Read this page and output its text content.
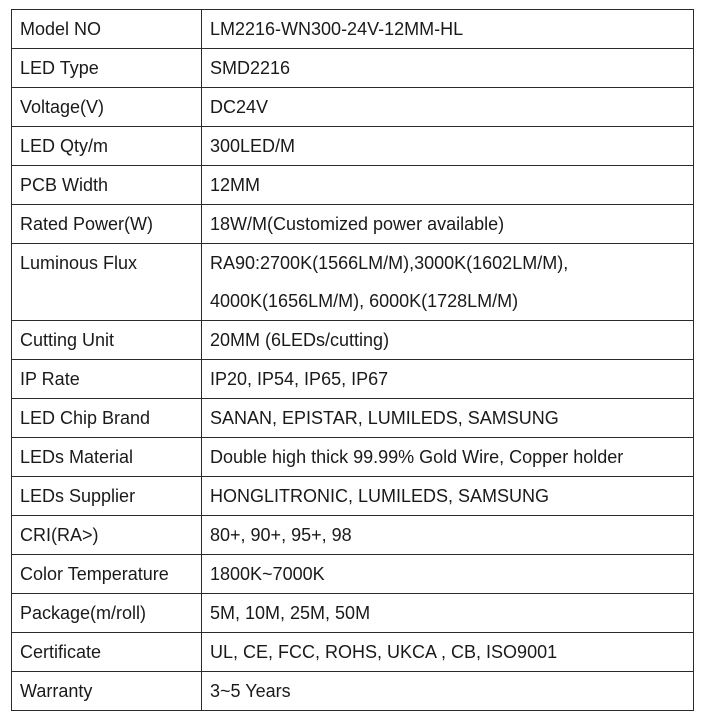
Model NO	LM2216-WN300-24V-12MM-HL

LED Type	SMD2216

Voltage(V)	DC24V

LED Qty/m	300LED/M

PCB Width	12MM

Rated Power(W)	18W/M(Customized power available)

Luminous Flux	RA90:2700K(1566LM/M),3000K(1602LM/M),
4000K(1656LM/M), 6000K(1728LM/M)

Cutting Unit	20MM (6LEDs/cutting)

IP Rate	IP20, IP54, IP65, IP67

LED Chip Brand	SANAN, EPISTAR, LUMILEDS, SAMSUNG

LEDs Material	Double high thick 99.99% Gold Wire, Copper holder

LEDs Supplier	HONGLITRONIC, LUMILEDS, SAMSUNG

CRI(RA>)	80+, 90+, 95+, 98

Color Temperature	1800K~7000K

Package(m/roll)	5M, 10M, 25M, 50M

Certificate	UL, CE, FCC, ROHS, UKCA , CB, ISO9001

Warranty	3~5 Years
